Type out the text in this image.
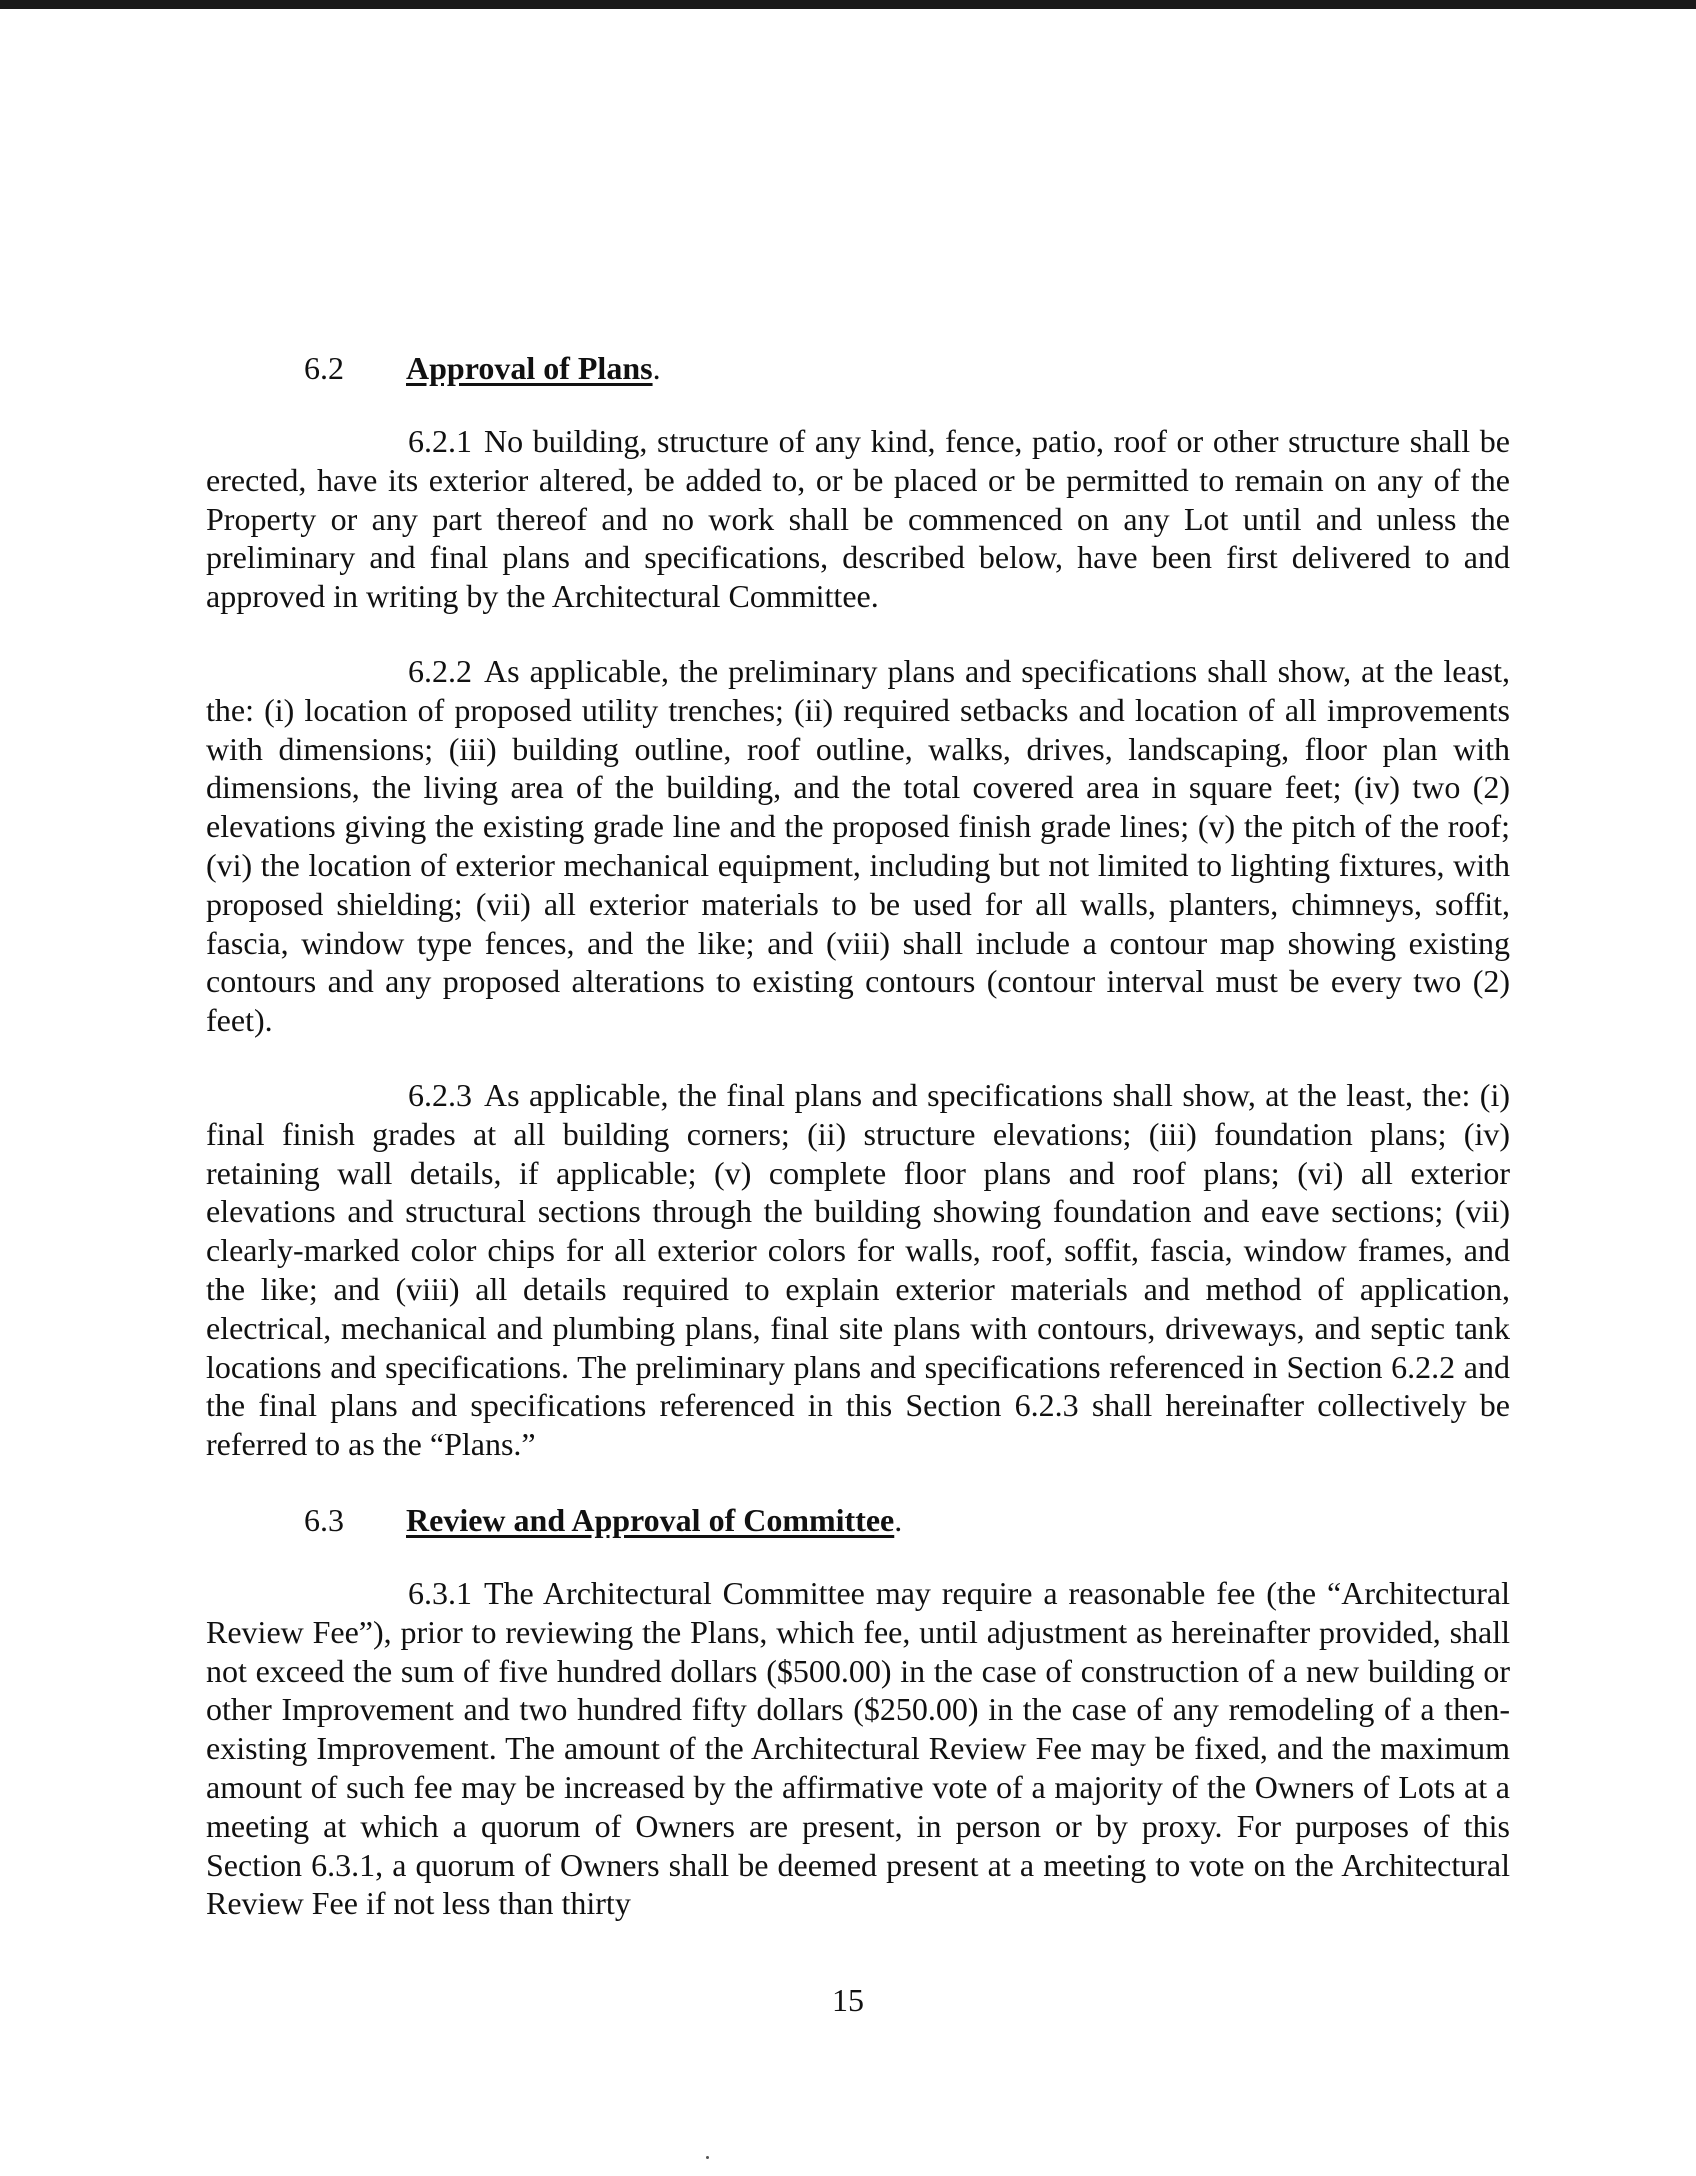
6.2 Approval of Plans.

6.2.1 No building, structure of any kind, fence, patio, roof or other structure shall be erected, have its exterior altered, be added to, or be placed or be permitted to remain on any of the Property or any part thereof and no work shall be commenced on any Lot until and unless the preliminary and final plans and specifications, described below, have been first delivered to and approved in writing by the Architectural Committee.

6.2.2 As applicable, the preliminary plans and specifications shall show, at the least, the: (i) location of proposed utility trenches; (ii) required setbacks and location of all improvements with dimensions; (iii) building outline, roof outline, walks, drives, landscaping, floor plan with dimensions, the living area of the building, and the total covered area in square feet; (iv) two (2) elevations giving the existing grade line and the proposed finish grade lines; (v) the pitch of the roof; (vi) the location of exterior mechanical equipment, including but not limited to lighting fixtures, with proposed shielding; (vii) all exterior materials to be used for all walls, planters, chimneys, soffit, fascia, window type fences, and the like; and (viii) shall include a contour map showing existing contours and any proposed alterations to existing contours (contour interval must be every two (2) feet).

6.2.3 As applicable, the final plans and specifications shall show, at the least, the: (i) final finish grades at all building corners; (ii) structure elevations; (iii) foundation plans; (iv) retaining wall details, if applicable; (v) complete floor plans and roof plans; (vi) all exterior elevations and structural sections through the building showing foundation and eave sections; (vii) clearly-marked color chips for all exterior colors for walls, roof, soffit, fascia, window frames, and the like; and (viii) all details required to explain exterior materials and method of application, electrical, mechanical and plumbing plans, final site plans with contours, driveways, and septic tank locations and specifications. The preliminary plans and specifications referenced in Section 6.2.2 and the final plans and specifications referenced in this Section 6.2.3 shall hereinafter collectively be referred to as the “Plans.”

6.3 Review and Approval of Committee.

6.3.1 The Architectural Committee may require a reasonable fee (the “Architectural Review Fee”), prior to reviewing the Plans, which fee, until adjustment as hereinafter provided, shall not exceed the sum of five hundred dollars ($500.00) in the case of construction of a new building or other Improvement and two hundred fifty dollars ($250.00) in the case of any remodeling of a then-existing Improvement. The amount of the Architectural Review Fee may be fixed, and the maximum amount of such fee may be increased by the affirmative vote of a majority of the Owners of Lots at a meeting at which a quorum of Owners are present, in person or by proxy. For purposes of this Section 6.3.1, a quorum of Owners shall be deemed present at a meeting to vote on the Architectural Review Fee if not less than thirty

15
